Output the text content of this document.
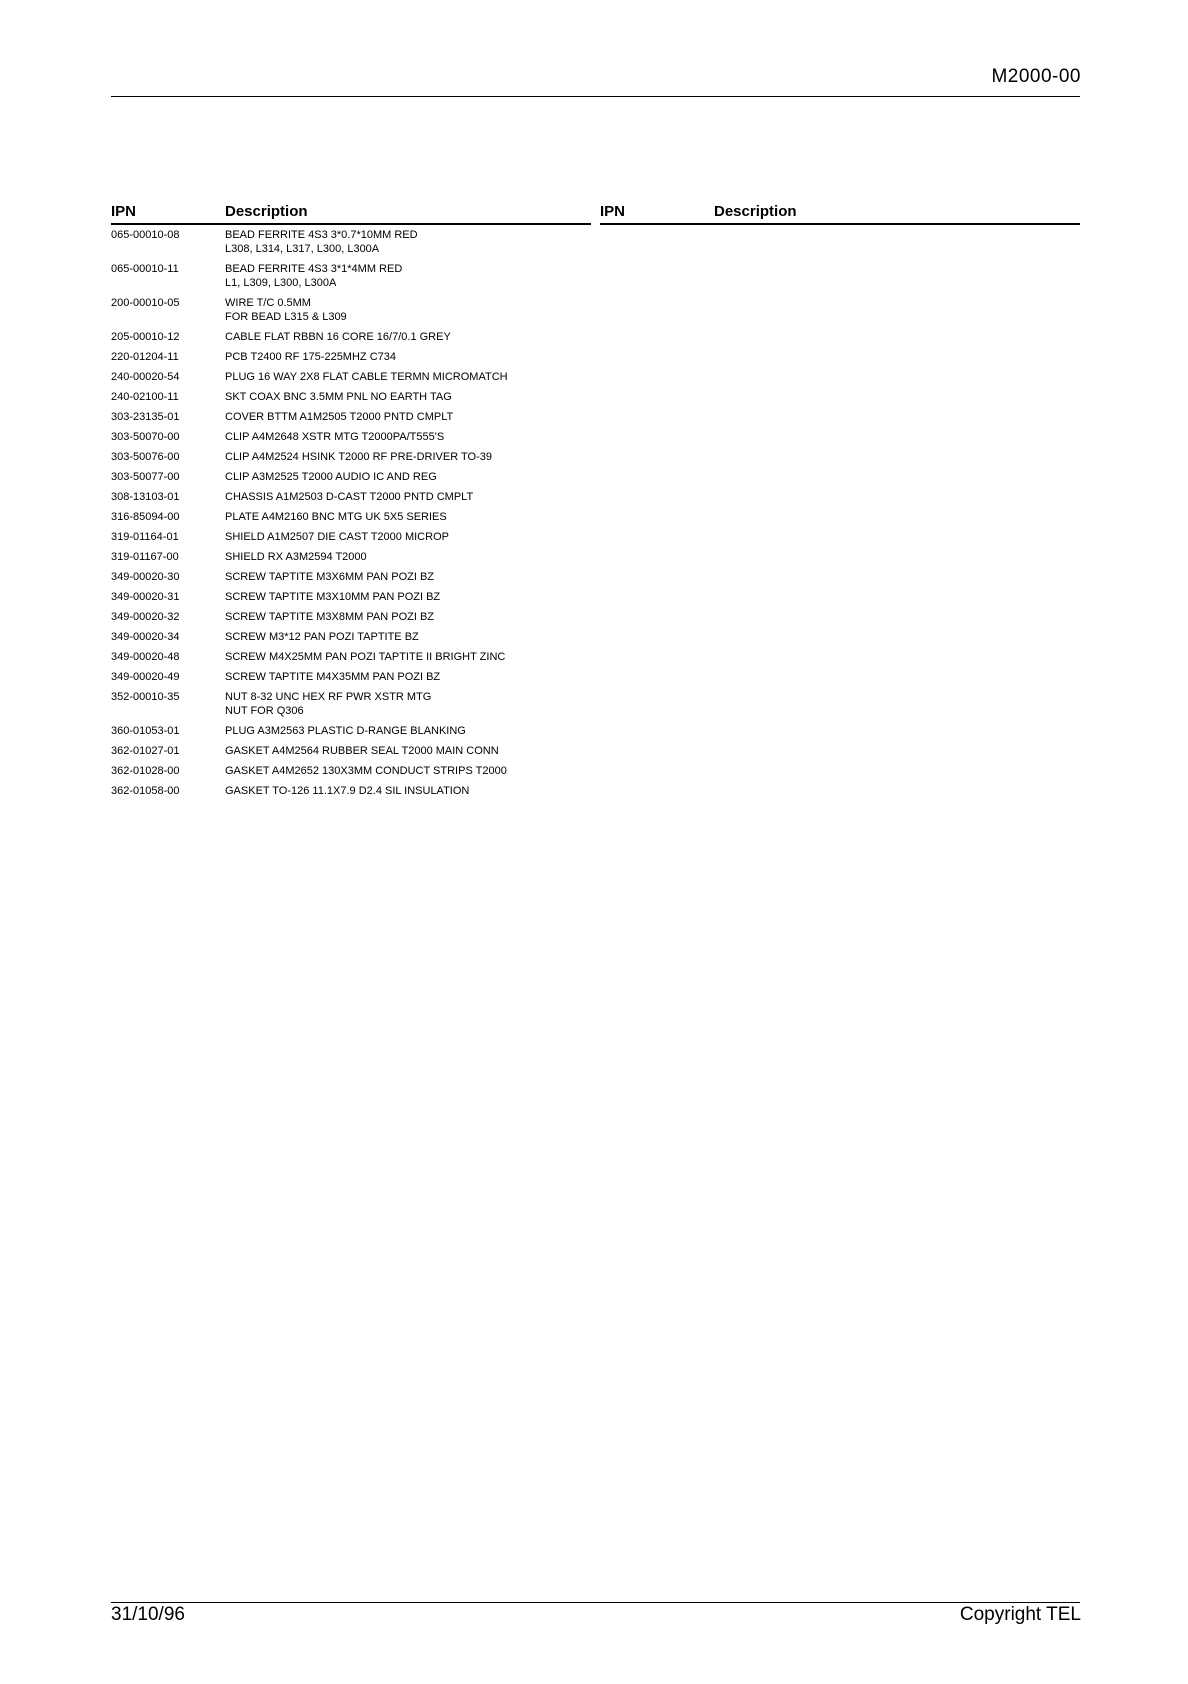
M2000-00
IPN	Description	IPN	Description
065-00010-08	BEAD FERRITE 4S3 3*0.7*10MM RED
L308, L314, L317, L300, L300A
065-00010-11	BEAD FERRITE 4S3 3*1*4MM RED
L1, L309, L300, L300A
200-00010-05	WIRE T/C 0.5MM
FOR BEAD L315 & L309
205-00010-12	CABLE FLAT RBBN 16 CORE 16/7/0.1 GREY
220-01204-11	PCB T2400 RF 175-225MHZ C734
240-00020-54	PLUG 16 WAY 2X8 FLAT CABLE TERMN MICROMATCH
240-02100-11	SKT COAX BNC 3.5MM PNL NO EARTH TAG
303-23135-01	COVER BTTM A1M2505 T2000 PNTD CMPLT
303-50070-00	CLIP A4M2648 XSTR MTG T2000PA/T555'S
303-50076-00	CLIP A4M2524 HSINK T2000 RF PRE-DRIVER TO-39
303-50077-00	CLIP A3M2525 T2000 AUDIO IC AND REG
308-13103-01	CHASSIS A1M2503 D-CAST T2000 PNTD CMPLT
316-85094-00	PLATE A4M2160 BNC MTG UK 5X5 SERIES
319-01164-01	SHIELD A1M2507 DIE CAST T2000 MICROP
319-01167-00	SHIELD RX A3M2594 T2000
349-00020-30	SCREW TAPTITE M3X6MM PAN POZI BZ
349-00020-31	SCREW TAPTITE M3X10MM PAN POZI BZ
349-00020-32	SCREW TAPTITE M3X8MM PAN POZI BZ
349-00020-34	SCREW M3*12 PAN POZI TAPTITE BZ
349-00020-48	SCREW M4X25MM PAN POZI TAPTITE II BRIGHT ZINC
349-00020-49	SCREW TAPTITE M4X35MM PAN POZI BZ
352-00010-35	NUT 8-32 UNC HEX RF PWR XSTR MTG
NUT FOR Q306
360-01053-01	PLUG A3M2563 PLASTIC D-RANGE BLANKING
362-01027-01	GASKET A4M2564 RUBBER SEAL T2000 MAIN CONN
362-01028-00	GASKET A4M2652 130X3MM CONDUCT STRIPS T2000
362-01058-00	GASKET TO-126 11.1X7.9 D2.4 SIL INSULATION
31/10/96	Copyright TEL
